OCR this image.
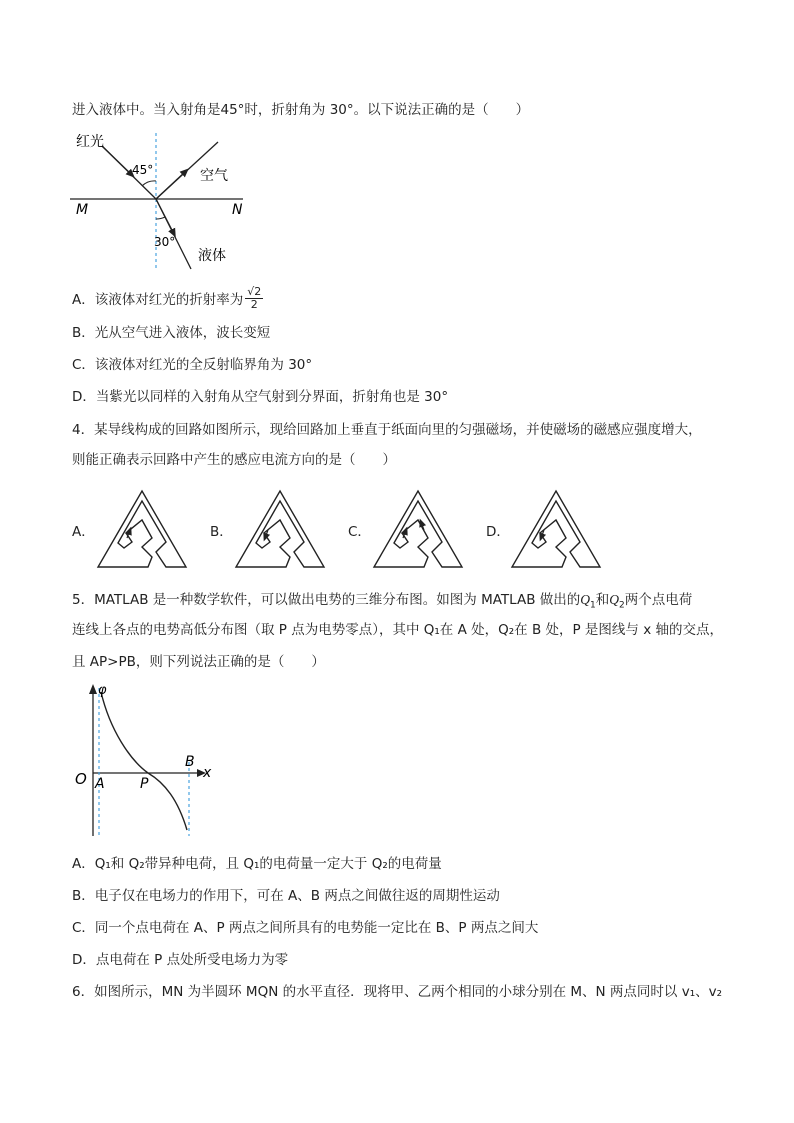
进入液体中。当入射角是45°时，折射角为 30°。以下说法正确的是（　　）
红光
45°	空气
M	N
30°
液体
A．该液体对红光的折射率为 $\frac{√2}{2}$
B．光从空气进入液体，波长变短
C．该液体对红光的全反射临界角为 30°
D．当紫光以同样的入射角从空气射到分界面，折射角也是 30°
4．某导线构成的回路如图所示，现给回路加上垂直于纸面向里的匀强磁场，并使磁场的磁感应强度增大，
则能正确表示回路中产生的感应电流方向的是（　　）
A．	B．	C．	D．
5．MATLAB 是一种数学软件，可以做出电势的三维分布图。如图为 MATLAB 做出的$Q_1$和$Q_2$两个点电荷
连线上各点的电势高低分布图（取 P 点为电势零点），其中 Q₁在 A 处，Q₂在 B 处，P 是图线与 x 轴的交点，
且 AP>PB，则下列说法正确的是（　　）
φ
O A	P
B
x
A．Q₁和 Q₂带异种电荷，且 Q₁的电荷量一定大于 Q₂的电荷量
B．电子仅在电场力的作用下，可在 A、B 两点之间做往返的周期性运动
C．同一个点电荷在 A、P 两点之间所具有的电势能一定比在 B、P 两点之间大
D．点电荷在 P 点处所受电场力为零
6．如图所示，MN 为半圆环 MQN 的水平直径．现将甲、乙两个相同的小球分别在 M、N 两点同时以 v₁、v₂
